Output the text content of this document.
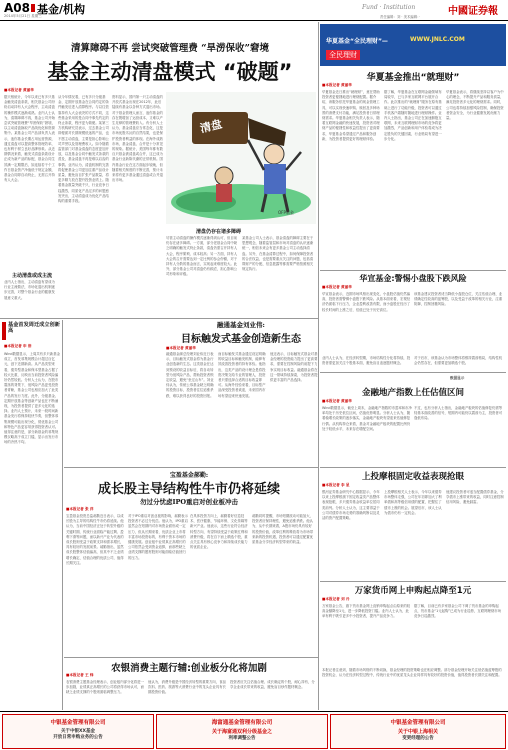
A08 基金/机构
2014年5月21日 星期三
Fund · Institution	中國证券報
责任编辑：刘 · 美术编辑：·
清算障碍不再 尝试突破管理费 “旱涝保收”窘境
基金主动清盘模式 “破题”
■本报记者 黄丽华
据天相统计，今年以来已有多只基金触发清盘条款，相关基金公司纷纷启动持有人大会程序，主动清盘的操作模式逐渐成熟。业内人士认为，清算障碍不再，基金公司开始尝试突破管理费“旱涝保收”窘境，以主动清盘换取产品线优化和资源集中。某基金公司产品部负责人表示，迷你基金长期占用运营资源，通过清盘可以提高整体管理效率，也有利于树立良好品牌形象。从近期情况来看，触发式清盘条款设计正成为新产品的标配，基金合同生效满一定期限后，如连续若干个工作日基金资产净值低于规定金额，基金合同即自动终止，无需召开持有人大会。
主动清盘或成主流
业内人士指出，主动清盘有望成为行业主流做法，市场化退出机制逐步完善，对整个基金行业的健康发展意义重大。
从今年情况看，已有多只分级基金、定期开放基金在合同约定的条件触发后进入清算程序。与以往依靠持有人大会表决的方式不同，这些基金采用的是合同中事先约定的终止条款，程序更为简便。某第三方机构研究员表示，过去基金公司即便面对长期规模低迷的产品，也不愿主动清盘，主要是担心影响公司声誉以及管理费收入。如今随着监管部门对基金清盘的态度更加开放，以及基金合同中触发式条款的普及，基金清盘不再是难以启齿的事情。业内认为，清盘机制的完善将促使基金公司更加注重产品设计质量，避免盲目扩张产品数量，将更多精力放在提升投资业绩上。随着基金数量突破千只，行业竞争日趋激烈，同质化产品过多的问题愈发突出，主动清盘成为优化产品结构的重要手段。
资料显示，国内第一只主动清盘的开放式基金出现在2012年，此后陆续有基金以各种方式退出市场。对于基金管理人而言，迷你基金的存在既增加了运营成本，又难以产生足够的管理费收入。有分析人士认为，基金清盘应当常态化，这是市场优胜劣汰的自然结果，也是保护投资者利益的体现。在海外成熟市场，基金清盘、合并是十分常见的现象。据统计，美国每年都有数百只基金被清盘或合并，这已成为基金行业新陈代谢的正常机制。国内基金行业在这方面起步较晚，但随着相关制度的不断完善，预计未来将有更多基金通过清盘或合并退出市场。
清盘
OFP基金
清盘仍存在诸多障碍
尽管主动清盘的操作模式逐渐得到认可，但目前仍存在诸多障碍。一方面，部分老基金合同中缺乏明确的触发式终止条款，清盘仍需召开持有人大会，程序繁琐、成本较高；另一方面，持有人大会的召开需要达到一定比例的参会份额，对于持有人分散的基金而言，实现起来难度较大。此外，部分基金公司对清盘仍有顾虑，担心影响公司形象和评级。
某基金公司人士表示，基金清盘的障碍主要在于思想观念，随着监管层和市场对清盘的认识逐渐统一，相信未来会有更多基金公司主动选择清盘。另外，在基金清算过程中，如何保障投资者的合法权益，也是需要重点关注的问题，包括清算财产的分配、信息披露等都需要严格按照相关规定执行。
华夏基金“全民理财”—	WWW.JNLC.COM
全民理财
华夏基金推出“就理财”
■本报记者 黄丽华
华夏基金近日推出“就理财”，意在帮助投资者更便捷地进行理财配置。据介绍，该服务依托华夏基金的现金管理工具，可以实现快速申购、赎回及多种场景的消费支付功能，满足投资者日常理财需求。华夏基金相关负责人表示，随着互联网金融的快速发展，投资者对理财产品的便捷性和收益性提出了更高要求，华夏基金希望通过产品和服务创新，为投资者提供更好的理财体验。
据了解，华夏基金在互联网金融领域布局较早，已与多家互联网平台展开合作。此次推出的“就理财”服务在原有基础上进行了功能升级，投资者可以通过手机客户端随时随地进行理财操作。业内人士指出，基金公司正在加速拥抱互联网，未来互联网理财市场的竞争将更加激烈，产品创新和用户体验将成为决定胜负的关键因素，行业格局有望进一步分化。
华夏基金表示，将继续坚持以客户为中心的理念，不断提升产品和服务质量，满足投资者多元化的理财需求。同时，公司也将持续加强风险控制，确保投资者资金安全，为行业健康发展贡献力量。
华宣基金:警惕小盘股下跌风险
■本报记者 黄丽华
华宣基金表示，近期市场风格出现变化，小盘股估值仍然偏高，投资者需警惕小盘股下跌风险。从基本面来看，宏观经济仍面临下行压力，企业盈利改善有限，而小盘股在经历了较长时间的上涨之后，估值已处于历史高位。
该基金建议投资者适当降低小盘股仓位，关注估值合理、业绩确定性较高的蓝筹股，以及受益于改革的相关行业，注重防御，控制回撤风险。
融通基金刘业伟:
目标触发式基金创造新生态
■本报记者 黄丽华
融通基金副总经理刘业伟近日表示，目标触发式基金将为基金行业创造新的生态。这类基金在达到预设的收益目标后，将自动转型为低风险产品，帮助投资者锁定收益，避免“坐过山车”。刘业伟认为，传统公募基金缺乏明确的投资目标，投资者往往追涨杀跌，难以获得良好的投资回报。
而目标触发式基金通过设定明确的收益目标和触发机制，能够有效改善投资者的持有体验。他指出，这类产品的设计理念是将投资决策交给专业的管理人，投资者只需选择合适的目标收益即可。从海外经验来看，目标型产品深受投资者欢迎，未来国内市场有望迎来快速发展。
他还表示，目标触发式基金对基金经理的投资能力提出了更高要求，需要在控制风险的前提下力争实现目标收益。融通基金将在这一领域持续探索，为投资者提供更丰富的产品选择。
业内人士认为，在经济转型期，市场结构性分化将持续，投资者需更加关注个股基本面，避免盲目追逐题材概念。
对于后市，该基金认为市场整体将维持震荡格局，结构性机会仍然存在，但需要更加精选个股。
数据显示
金融地产指数上任估值区间
■本报记者 黄丽华
Wind数据显示，截至上周末，金融地产指数的市盈率和市净率均处于历史低位区间，估值优势明显。分析人士认为，随着稳增长政策的逐步落实，金融地产板块有望迎来估值修复行情。从机构持仓来看，基金对金融地产板块的配置比例仍处于较低水平，未来存在增配空间。
不过，也有分析人士指出，金融地产板块的估值修复仍需等待基本面改善的信号，短期内可能仍以震荡为主，投资者可逢低布局。
基金首发周迁成立创新高
■本报记者 申 浩
Wind数据显示，上周共有多只新基金成立，首发募集规模合计超过百亿元，创下近期新高。从产品类型来看，债券型基金和保本型基金占据了较大比重，反映出当前投资者风险偏好仍然较低。分析人士认为，在股市震荡的背景下，低风险产品更受投资者青睐，基金公司也相应加大了此类产品的发行力度。此外，分级基金、定期开放基金等创新产品也在不断涌现，为投资者提供了更多元化的选择。业内人士预计，未来一段时间新基金发行将保持较快节奏，但整体募集规模可能出现分化，绩优基金公司和特色产品更容易获得投资者认可。值得注意的是，部分新基金的募集规模仅略高于成立门槛，显示出发行市场的冷热不均。
宝盈基金郝勤:
成长股主导结构性牛市仍将延续
勿过分忧虑IPO重启对创业板冲击
■本报记者 张 洋
宝盈基金投资总监郝勤近日表示，以成长股为主导的结构性牛市仍将延续。他认为，当前中国经济正处于转型升级的关键时期，传统行业面临产能过剩、盈利下滑等问题，而以新兴产业为代表的成长股则受益于政策支持和需求增长，具有较好的发展前景。郝勤指出，虽然成长股整体估值偏高，但其中不乏业绩增长确定、估值合理的优质公司，值得长期关注。
对于IPO重启对创业板的影响，郝勤表示投资者不必过分忧虑。他认为，IPO重启虽然会在短期内对市场资金面形成一定压力，但从长期来看，优质企业上市将丰富市场投资标的，有利于资本市场的健康发展。创业板中业绩真正高增长的公司依然会受到资金追捧，而那些缺乏业绩支撑的题材股则可能面临估值回归的压力。
在具体投资方向上，郝勤看好信息技术、医疗健康、节能环保、文化传媒等新兴产业。他表示，这些行业符合经济转型方向，有望持续受益于政策红利和消费升级，将在自下而上精选个股，重点关注具有核心竞争力和持续成长能力的优质企业。
郝勤同时提醒，市场短期波动可能加大，投资者应保持理性，避免追涨杀跌。他认为，从中长期来看，A股市场仍具有较好的投资价值，改革红利的释放将为市场带来新的投资机遇，投资者可以通过配置优质基金分享经济转型带来的收益。
上投摩根固定收益表现抢眼
■本报记者 李 星
银河证券基金研究中心数据显示，今年以来上投摩根旗下固定收益类产品整体表现抢眼，多只债券基金收益率位居同类前列。分析人士认为，这主要得益于公司对债券市场走势的准确判断以及灵活的资产配置策略。
上投摩根相关人士表示，今年以来债券市场整体走强，公司在年初即加大了利率债和高等级信用债的配置，把握住了债市上涨的机会。展望后市，该人士认为债市仍有一定机会。
他建议投资者可适当配置债券基金，分享债市上涨带来的收益，同时注意控制信用风险，避免踩雷。
万家货币网上申购起点降至1元
■本报记者 刘 丹
万家基金公告，旗下货币基金网上直销申购起点由原来的较高金额降至1元，进一步降低投资门槛。业内人士认为，此举有利于吸引更多中小投资者，提升产品竞争力。
据了解，目前已有多家基金公司下调了货币基金的申购起点，货币基金“1元起购”已成为行业趋势，互联网理财市场竞争日趋激烈。
农银消费主题行辅:创业板分化将加剧
■本报记者 王 炜
农银消费主题基金经理表示，创业板内部分化将进一步加剧，业绩真正高增长的公司将获得市场认可，而缺乏业绩支撑的个股则面临调整压力。
他认为，消费升级是中国经济转型的重要方向，食品饮料、医药、旅游等大消费行业中的龙头企业具有长期投资价值。
投资者应关注估值合理、成长确定的个股，耐心持有，分享企业成长带来的收益，避免盲目炒作题材概念。
本报记者注意到，随着市场风格的不断切换，基金经理的投资策略也在相应调整。部分基金经理开始关注低估值蓝筹股的投资机会，认为在经济转型过程中，传统行业中的优质龙头企业同样具有较好的投资价值，值得投资者长期关注和配置。
中银基金管理有限公司
关于中银XX基金
开放日常申购业务的公告
海富通基金管理有限公司
关于海富通双利分级基金之
利率调整公告
中银基金管理有限公司
关于中银上海相关
变更经理的公告
